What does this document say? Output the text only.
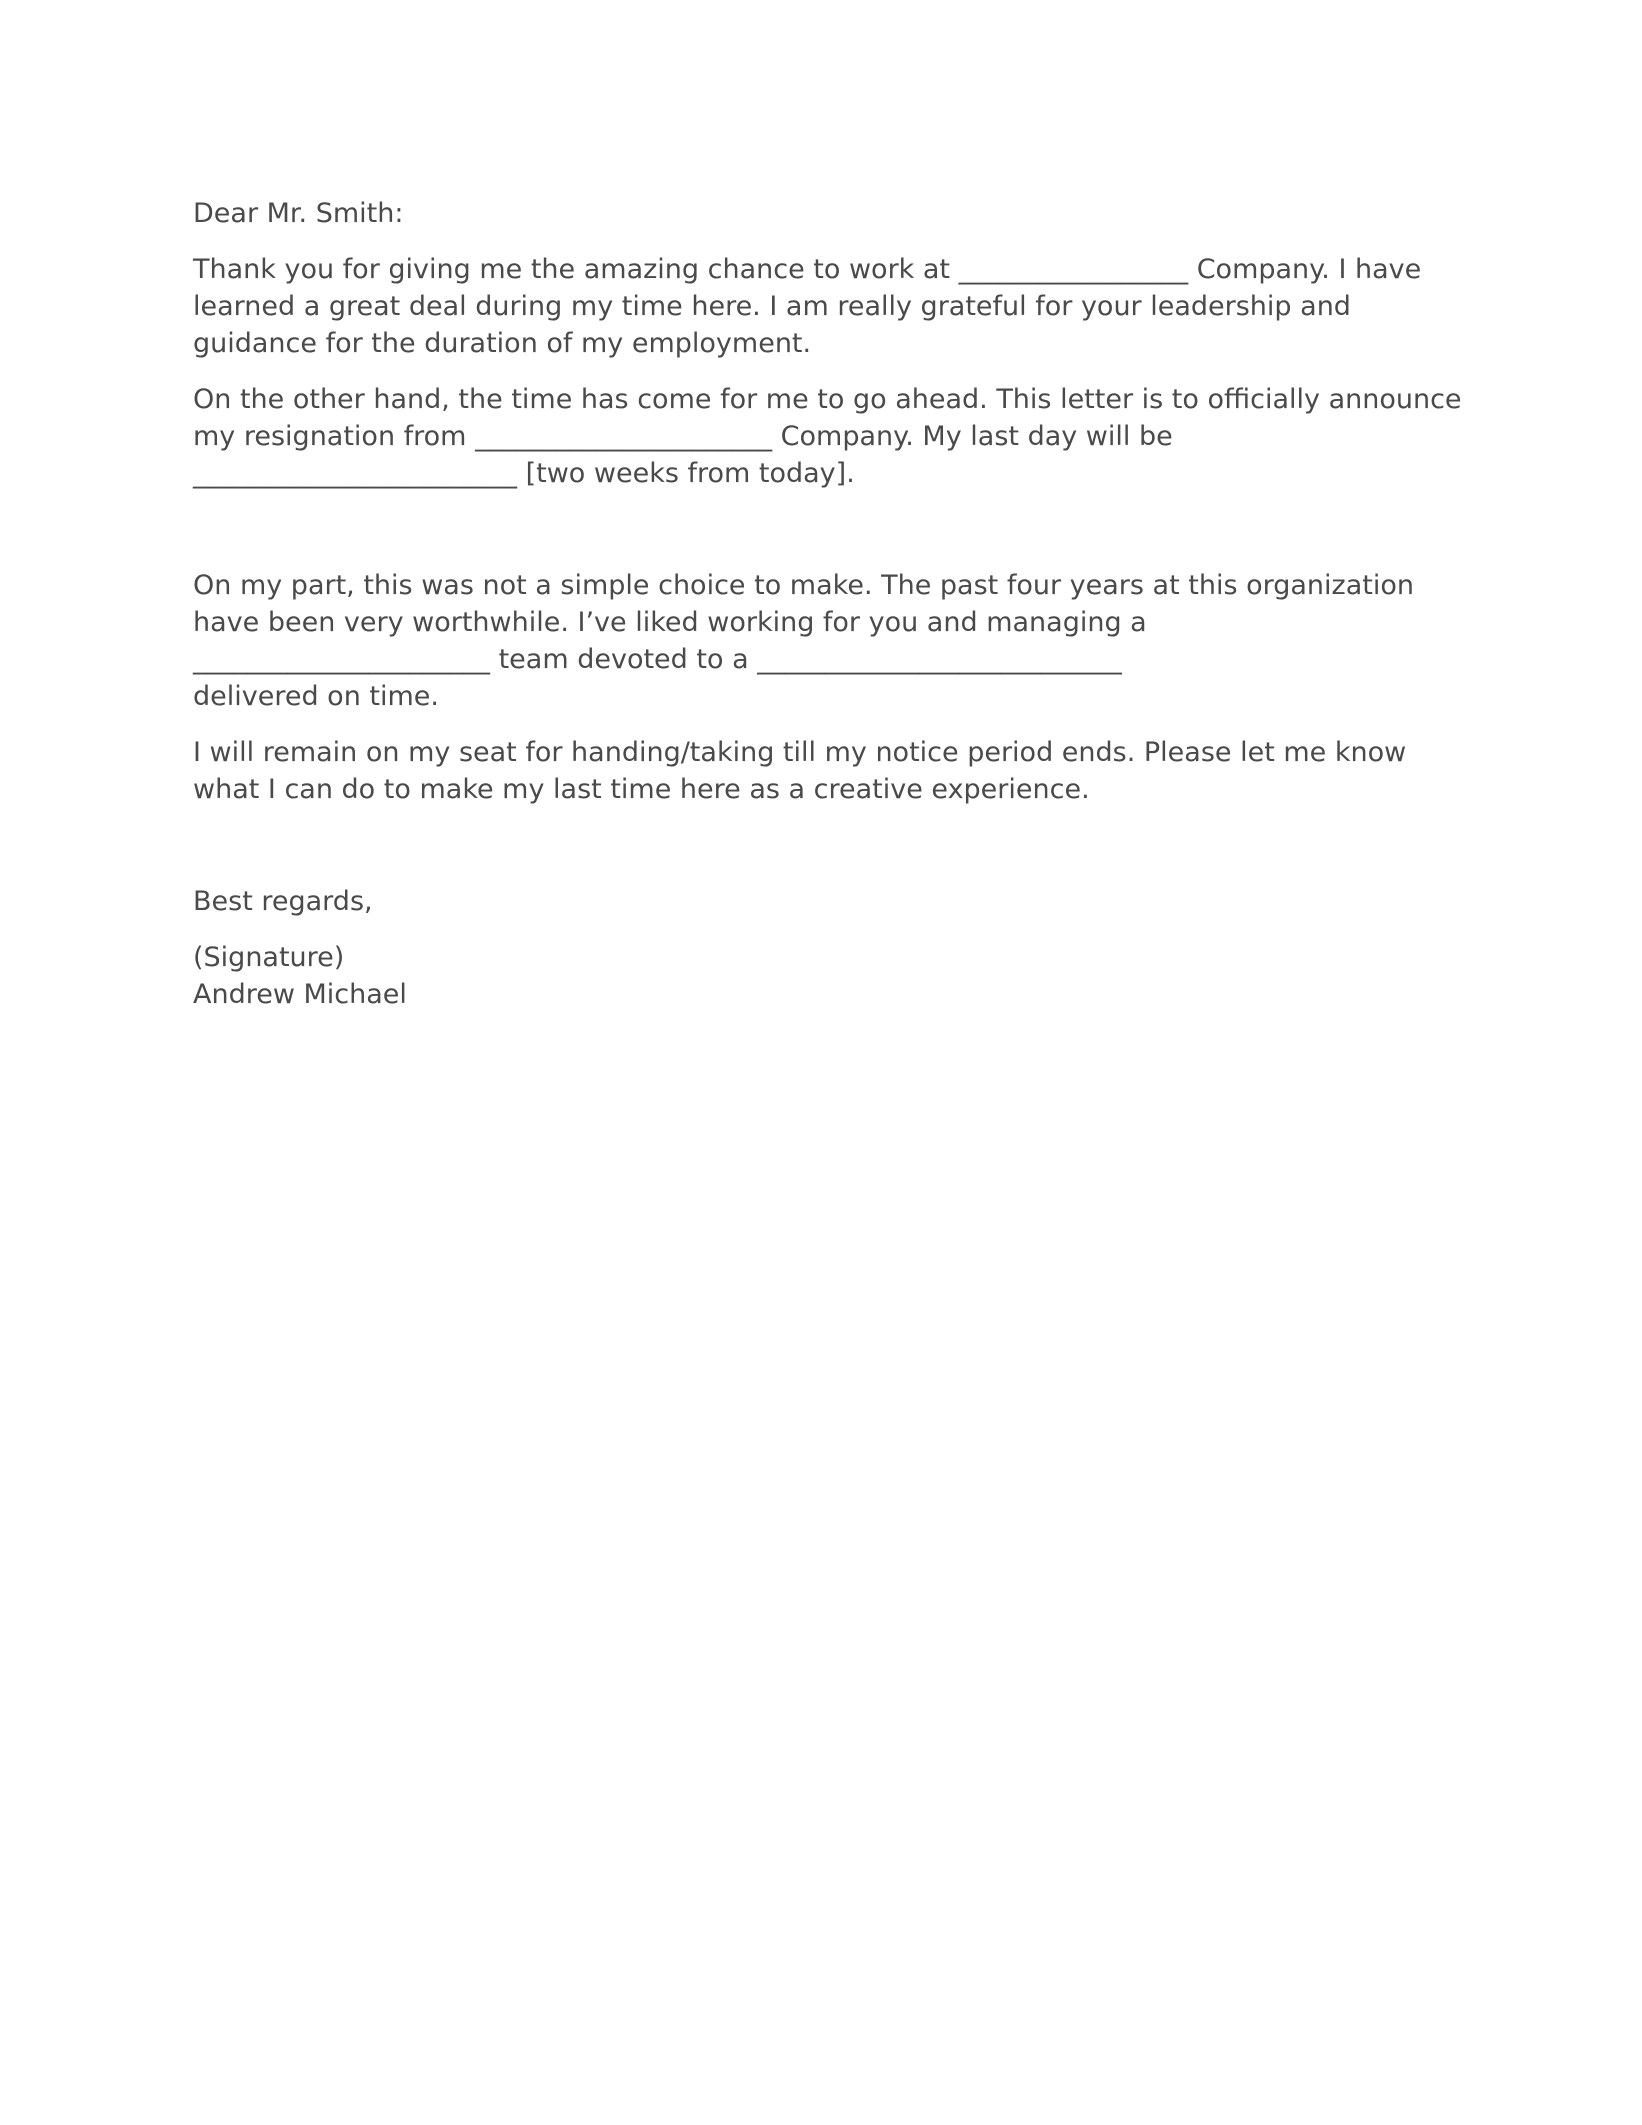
Dear Mr. Smith:

Thank you for giving me the amazing chance to work at _________________ Company. I have learned a great deal during my time here. I am really grateful for your leadership and guidance for the duration of my employment.

On the other hand, the time has come for me to go ahead. This letter is to officially announce my resignation from ______________________ Company. My last day will be
________________________ [two weeks from today].

On my part, this was not a simple choice to make. The past four years at this organization have been very worthwhile. I’ve liked working for you and managing a
______________________ team devoted to a ___________________________
delivered on time.

I will remain on my seat for handing/taking till my notice period ends. Please let me know what I can do to make my last time here as a creative experience.

Best regards,

(Signature)

Andrew Michael
